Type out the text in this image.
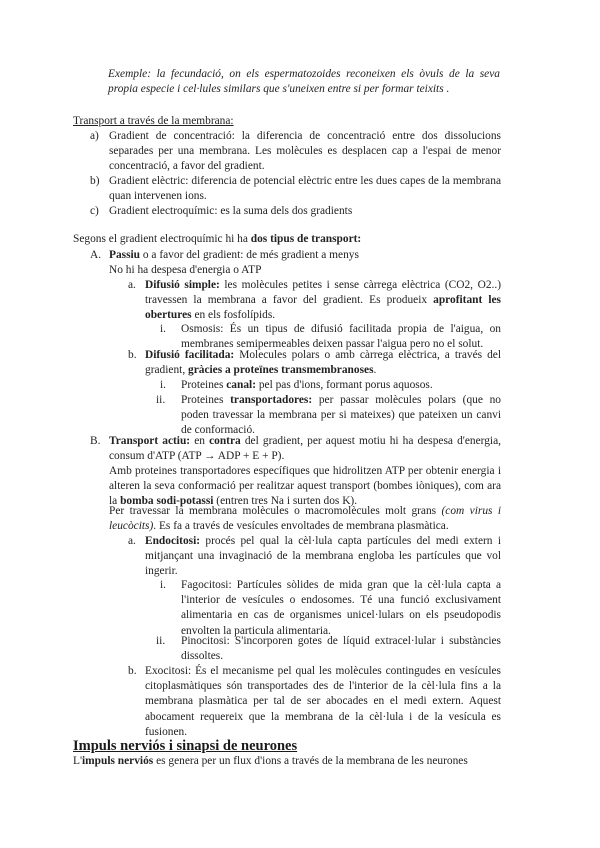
Exemple: la fecundació, on els espermatozoides reconeixen els òvuls de la seva propia especie i cel·lules similars que s'uneixen entre si per formar teixits .

Transport a través de la membrana:
a) Gradient de concentració: la diferencia de concentració entre dos dissolucions separades per una membrana. Les molècules es desplacen cap a l'espai de menor concentració, a favor del gradient.

b) Gradient elèctric: diferencia de potencial elèctric entre les dues capes de la membrana quan intervenen ions.

c) Gradient electroquímic: es la suma dels dos gradients

Segons el gradient electroquímic hi ha dos tipus de transport:

A. Passiu o a favor del gradient: de més gradient a menys

No hi ha despesa d'energia o ATP
a. Difusió simple: les molècules petites i sense càrrega elèctrica (CO2, O2..) travessen la membrana a favor del gradient. Es produeix aprofitant les obertures en els fosfolípids.

i. Osmosis: És un tipus de difusió facilitada propia de l'aigua, on membranes semipermeables deixen passar l'aigua pero no el solut.

b. Difusió facilitada: Molecules polars o amb càrrega elèctrica, a través del gradient, gràcies a proteïnes transmembranoses.

i. Proteines canal: pel pas d'ions, formant porus aquosos.

ii. Proteines transportadores: per passar molècules polars (que no poden travessar la membrana per si mateixes) que pateixen un canvi de conformació.

B. Transport actiu: en contra del gradient, per aquest motiu hi ha despesa d'energia, consum d'ATP (ATP → ADP + E + P).

Amb proteines transportadores específiques que hidrolitzen ATP per obtenir energia i alteren la seva conformació per realitzar aquest transport (bombes iòniques), com ara la bomba sodi-potassi (entren tres Na i surten dos K).

Per travessar la membrana molècules o macromolècules molt grans (com virus i leucòcits). Es fa a través de vesícules envoltades de membrana plasmàtica.

a. Endocitosi: procés pel qual la cèl·lula capta partícules del medi extern i mitjançant una invaginació de la membrana engloba les partícules que vol ingerir.

i. Fagocitosi: Partícules sòlides de mida gran que la cèl·lula capta a l'interior de vesícules o endosomes. Té una funció exclusivament alimentaria en cas de organismes unicel·lulars on els pseudopodis envolten la particula alimentaria.

ii. Pinocitosi: S'incorporen gotes de líquid extracel·lular i substàncies dissoltes.

b. Exocitosi: És el mecanisme pel qual les molècules contingudes en vesícules citoplasmàtiques són transportades des de l'interior de la cèl·lula fins a la membrana plasmàtica per tal de ser abocades en el medi extern. Aquest abocament requereix que la membrana de la cèl·lula i de la vesícula es fusionen.

Impuls nerviós i sinapsi de neurones

L'impuls nerviós es genera per un flux d'ions a través de la membrana de les neurones
